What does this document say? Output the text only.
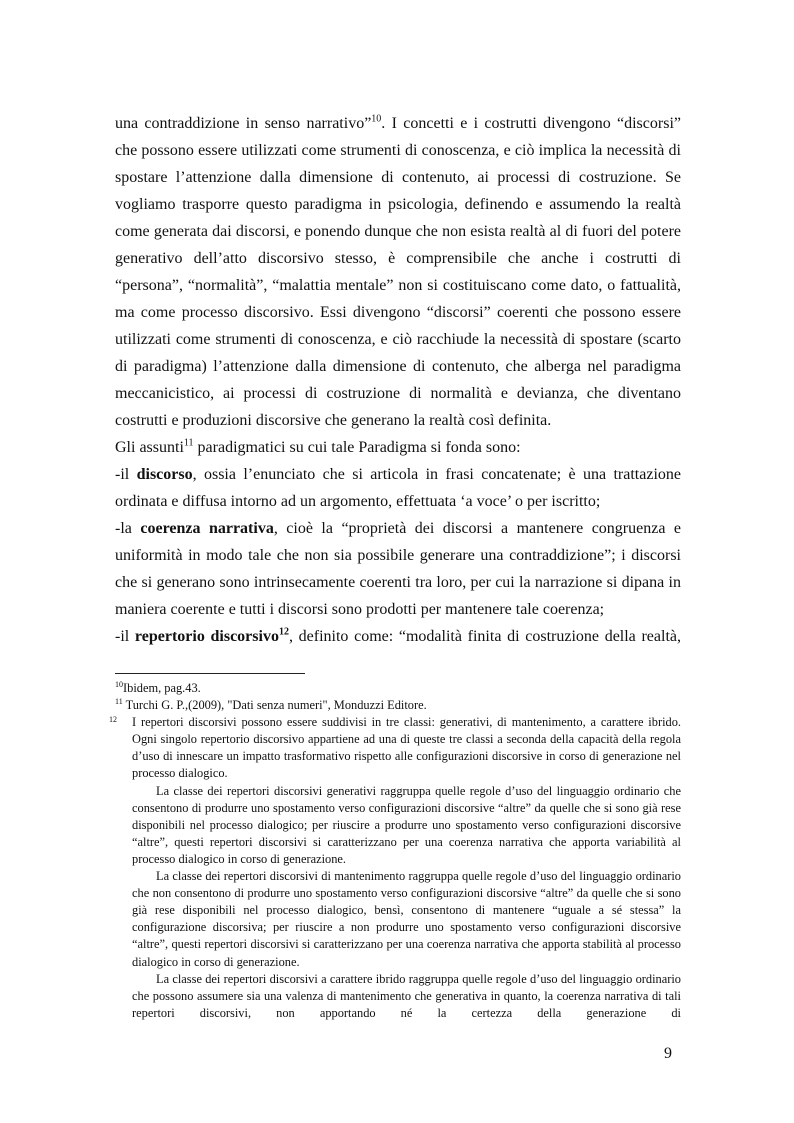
una contraddizione in senso narrativo”$^{10}$. I concetti e i costrutti divengono “discorsi” che possono essere utilizzati come strumenti di conoscenza, e ciò implica la necessità di spostare l’attenzione dalla dimensione di contenuto, ai processi di costruzione. Se vogliamo trasporre questo paradigma in psicologia, definendo e assumendo la realtà come generata dai discorsi, e ponendo dunque che non esista realtà al di fuori del potere generativo dell’atto discorsivo stesso, è comprensibile che anche i costrutti di “persona”, “normalità”, “malattia mentale” non si costituiscano come dato, o fattualità, ma come processo discorsivo. Essi divengono “discorsi” coerenti che possono essere utilizzati come strumenti di conoscenza, e ciò racchiude la necessità di spostare (scarto di paradigma) l’attenzione dalla dimensione di contenuto, che alberga nel paradigma meccanicistico, ai processi di costruzione di normalità e devianza, che diventano costrutti e produzioni discorsive che generano la realtà così definita.

Gli assunti$^{11}$ paradigmatici su cui tale Paradigma si fonda sono:

-il discorso, ossia l’enunciato che si articola in frasi concatenate; è una trattazione ordinata e diffusa intorno ad un argomento, effettuata ‘a voce’ o per iscritto;

-la coerenza narrativa, cioè la “proprietà dei discorsi a mantenere congruenza e uniformità in modo tale che non sia possibile generare una contraddizione”; i discorsi che si generano sono intrinsecamente coerenti tra loro, per cui la narrazione si dipana in maniera coerente e tutti i discorsi sono prodotti per mantenere tale coerenza;

-il repertorio discorsivo$^{12}$, definito come: “modalità finita di costruzione della realtà,

$^{10}$Ibidem, pag.43.

$^{11}$ Turchi G. P.,(2009), "Dati senza numeri", Monduzzi Editore.

12 I repertori discorsivi possono essere suddivisi in tre classi: generativi, di mantenimento, a carattere ibrido. Ogni singolo repertorio discorsivo appartiene ad una di queste tre classi a seconda della capacità della regola d’uso di innescare un impatto trasformativo rispetto alle configurazioni discorsive in corso di generazione nel processo dialogico.

La classe dei repertori discorsivi generativi raggruppa quelle regole d’uso del linguaggio ordinario che consentono di produrre uno spostamento verso configurazioni discorsive “altre” da quelle che si sono già rese disponibili nel processo dialogico; per riuscire a produrre uno spostamento verso configurazioni discorsive “altre”, questi repertori discorsivi si caratterizzano per una coerenza narrativa che apporta variabilità al processo dialogico in corso di generazione.

La classe dei repertori discorsivi di mantenimento raggruppa quelle regole d’uso del linguaggio ordinario che non consentono di produrre uno spostamento verso configurazioni discorsive “altre” da quelle che si sono già rese disponibili nel processo dialogico, bensì, consentono di mantenere “uguale a sé stessa” la configurazione discorsiva; per riuscire a non produrre uno spostamento verso configurazioni discorsive “altre”, questi repertori discorsivi si caratterizzano per una coerenza narrativa che apporta stabilità al processo dialogico in corso di generazione.

La classe dei repertori discorsivi a carattere ibrido raggruppa quelle regole d’uso del linguaggio ordinario che possono assumere sia una valenza di mantenimento che generativa in quanto, la coerenza narrativa di tali repertori discorsivi, non apportando né la certezza della generazione di

9
